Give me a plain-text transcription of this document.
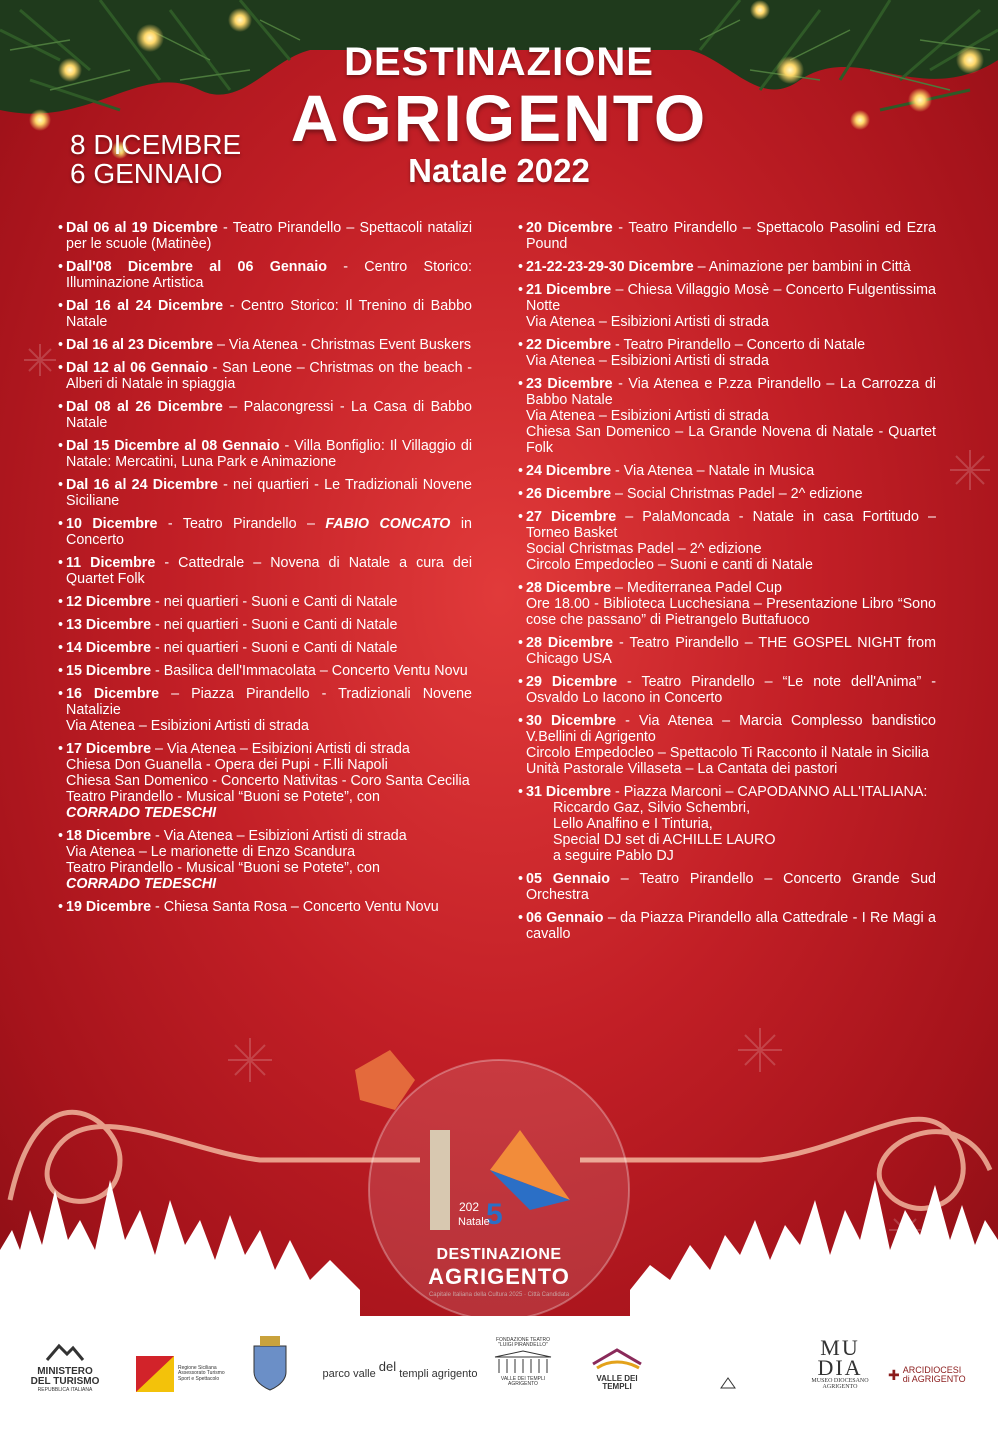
DESTINAZIONE
AGRIGENTO
Natale 2022
8 DICEMBRE
6 GENNAIO
• Dal 06 al 19 Dicembre - Teatro Pirandello – Spettacoli natalizi per le scuole (Matinèe)
• Dall'08 Dicembre al 06 Gennaio - Centro Storico: Illuminazione Artistica
• Dal 16 al 24 Dicembre - Centro Storico: Il Trenino di Babbo Natale
• Dal 16 al 23 Dicembre – Via Atenea - Christmas Event Buskers
• Dal 12 al 06 Gennaio - San Leone – Christmas on the beach - Alberi di Natale in spiaggia
• Dal 08 al 26 Dicembre – Palacongressi - La Casa di Babbo Natale
• Dal 15 Dicembre al 08 Gennaio - Villa Bonfiglio: Il Villaggio di Natale: Mercatini, Luna Park e Animazione
• Dal 16 al 24 Dicembre - nei quartieri - Le Tradizionali Novene Siciliane
• 10 Dicembre - Teatro Pirandello – FABIO CONCATO in Concerto
• 11 Dicembre - Cattedrale – Novena di Natale a cura dei Quartet Folk
• 12 Dicembre - nei quartieri - Suoni e Canti di Natale
• 13 Dicembre - nei quartieri - Suoni e Canti di Natale
• 14 Dicembre - nei quartieri - Suoni e Canti di Natale
• 15 Dicembre - Basilica dell'Immacolata – Concerto Ventu Novu
• 16 Dicembre – Piazza Pirandello - Tradizionali Novene Natalizie
Via Atenea – Esibizioni Artisti di strada
• 17 Dicembre – Via Atenea – Esibizioni Artisti di strada
Chiesa Don Guanella - Opera dei Pupi - F.lli Napoli
Chiesa San Domenico - Concerto Nativitas - Coro Santa Cecilia
Teatro Pirandello - Musical “Buoni se Potete”, con
CORRADO TEDESCHI
• 18 Dicembre - Via Atenea – Esibizioni Artisti di strada
Via Atenea – Le marionette di Enzo Scandura
Teatro Pirandello - Musical “Buoni se Potete”, con
CORRADO TEDESCHI
• 19 Dicembre - Chiesa Santa Rosa – Concerto Ventu Novu
• 20 Dicembre - Teatro Pirandello – Spettacolo Pasolini ed Ezra Pound
• 21-22-23-29-30 Dicembre – Animazione per bambini in Città
• 21 Dicembre – Chiesa Villaggio Mosè – Concerto Fulgentissima Notte
Via Atenea – Esibizioni Artisti di strada
• 22 Dicembre - Teatro Pirandello – Concerto di Natale
Via Atenea – Esibizioni Artisti di strada
• 23 Dicembre - Via Atenea e P.zza Pirandello – La Carrozza di Babbo Natale
Via Atenea – Esibizioni Artisti di strada
Chiesa San Domenico – La Grande Novena di Natale - Quartet Folk
• 24 Dicembre - Via Atenea – Natale in Musica
• 26 Dicembre – Social Christmas Padel – 2^ edizione
• 27 Dicembre – PalaMoncada - Natale in casa Fortitudo – Torneo Basket
Social Christmas Padel – 2^ edizione
Circolo Empedocleo – Suoni e canti di Natale
• 28 Dicembre – Mediterranea Padel Cup
Ore 18.00 - Biblioteca Lucchesiana – Presentazione Libro “Sono cose che passano” di Pietrangelo Buttafuoco
• 28 Dicembre - Teatro Pirandello – THE GOSPEL NIGHT from Chicago USA
• 29 Dicembre - Teatro Pirandello – “Le note dell'Anima” - Osvaldo Lo Iacono in Concerto
• 30 Dicembre - Via Atenea – Marcia Complesso bandistico V.Bellini di Agrigento
Circolo Empedocleo – Spettacolo Ti Racconto il Natale in Sicilia
Unità Pastorale Villaseta – La Cantata dei pastori
• 31 Dicembre - Piazza Marconi – CAPODANNO ALL'ITALIANA:
Riccardo Gaz, Silvio Schembri,
Lello Analfino e I Tinturia,
Special DJ set di ACHILLE LAURO
a seguire Pablo DJ
• 05 Gennaio – Teatro Pirandello – Concerto Grande Sud Orchestra
• 06 Gennaio – da Piazza Pirandello alla Cattedrale - I Re Magi a cavallo
202 5
Natale
DESTINAZIONE
AGRIGENTO
Capitale Italiana della Cultura 2025 · Città Candidata
MINISTERO
DEL TURISMO
REPUBBLICA ITALIANA
Regione Siciliana
Assessorato Turismo
Sport e Spettacolo	parco valle del templi agrigento
FONDAZIONE TEATRO
"LUIGI PIRANDELLO"
VALLE DEI TEMPLI
AGRIGENTO
VALLE DEI TEMPLI
MU
DIA
MUSEO DIOCESANO
AGRIGENTO
✚ ARCIDIOCESI
di AGRIGENTO
